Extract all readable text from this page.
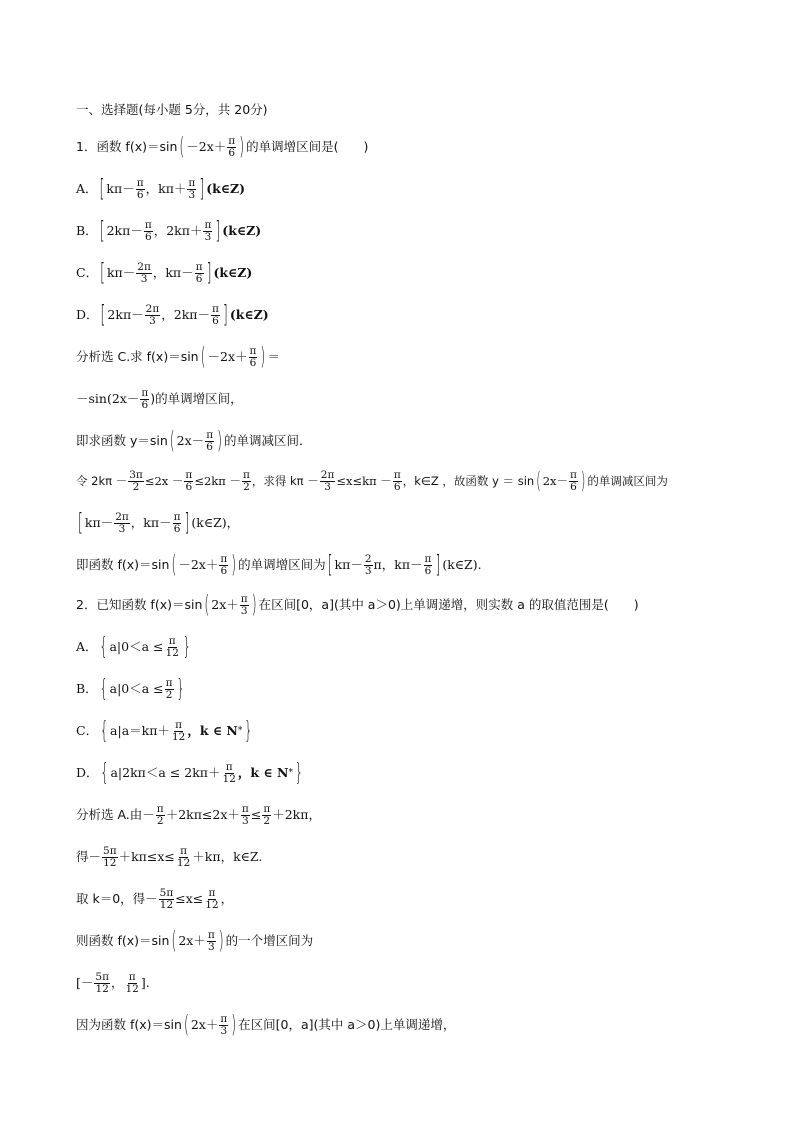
一、选择题(每小题 5分，共 20分)
1．函数 f(x)＝sin ( $-2x+ \frac{\pi}{6}$ ) 的单调增区间是(　　)
A． [ $k\pi- \frac{\pi}{6}$ ，$k\pi+ \frac{\pi}{3}$ ] (k∈Z)
B． [ $2k\pi- \frac{\pi}{6}$ ，$2k\pi+ \frac{\pi}{3}$ ] (k∈Z)
C． [ $k\pi- \frac{2\pi}{3}$ ，$k\pi- \frac{\pi}{6}$ ] (k∈Z)
D． [ $2k\pi- \frac{2\pi}{3}$ ，$2k\pi- \frac{\pi}{6}$ ] (k∈Z)
分析选 C.求 f(x)＝sin ( $-2x+ \frac{\pi}{6}$ ) ＝
$-\sin(2x- \frac{\pi}{6}$ )的单调增区间，
即求函数 y＝sin ( $2x- \frac{\pi}{6}$ ) 的单调减区间．
令 $2k\pi - \frac{3\pi}{2} \le 2x - \frac{\pi}{6} \le 2k\pi - \frac{\pi}{2}$ ，求得 $k\pi - \frac{2\pi}{3} \le x\le k\pi - \frac{\pi}{6}$ ，k∈Z ，故函数 y ＝ sin ( $2x- \frac{\pi}{6}$ ) 的单调减区间为
[ $k\pi- \frac{2\pi}{3}$ ，$k\pi- \frac{\pi}{6}$ ] (k∈Z)，
即函数 f(x)＝sin ( $-2x+ \frac{\pi}{6}$ ) 的单调增区间为 [ $k\pi- \frac{2}{3}$ π，$k\pi- \frac{\pi}{6}$ ] (k∈Z).
2．已知函数 f(x)＝sin ( $2x+ \frac{\pi}{3}$ ) 在区间[0，a](其中 a＞0)上单调递增，则实数 a 的取值范围是(　　)
A． { $a|0<a \le \frac{\pi}{12}$ }
B． { $a|0<a \le \frac{\pi}{2}$ }
C． { $a|a=k\pi+ \frac{\pi}{12}$ ，k ∈ N * }
D． { $a|2k\pi<a \le 2k\pi+ \frac{\pi}{12}$ ，k ∈ N * }
分析选 A.由－ $\frac{\pi}{2} +2k\pi\le 2x+ \frac{\pi}{3} \le \frac{\pi}{2} +2k\pi$，
得－ $\frac{5\pi}{12} +k\pi\le x\le \frac{\pi}{12} +k\pi$，k∈Z.
取 k＝0，得－ $\frac{5\pi}{12} \le x\le \frac{\pi}{12}$ ，
则函数 f(x)＝sin ( $2x+ \frac{\pi}{3}$ ) 的一个增区间为
[－ $\frac{5\pi}{12}$ ， $\frac{\pi}{12}$ ].
因为函数 f(x)＝sin ( $2x+ \frac{\pi}{3}$ ) 在区间[0，a](其中 a＞0)上单调递增，
